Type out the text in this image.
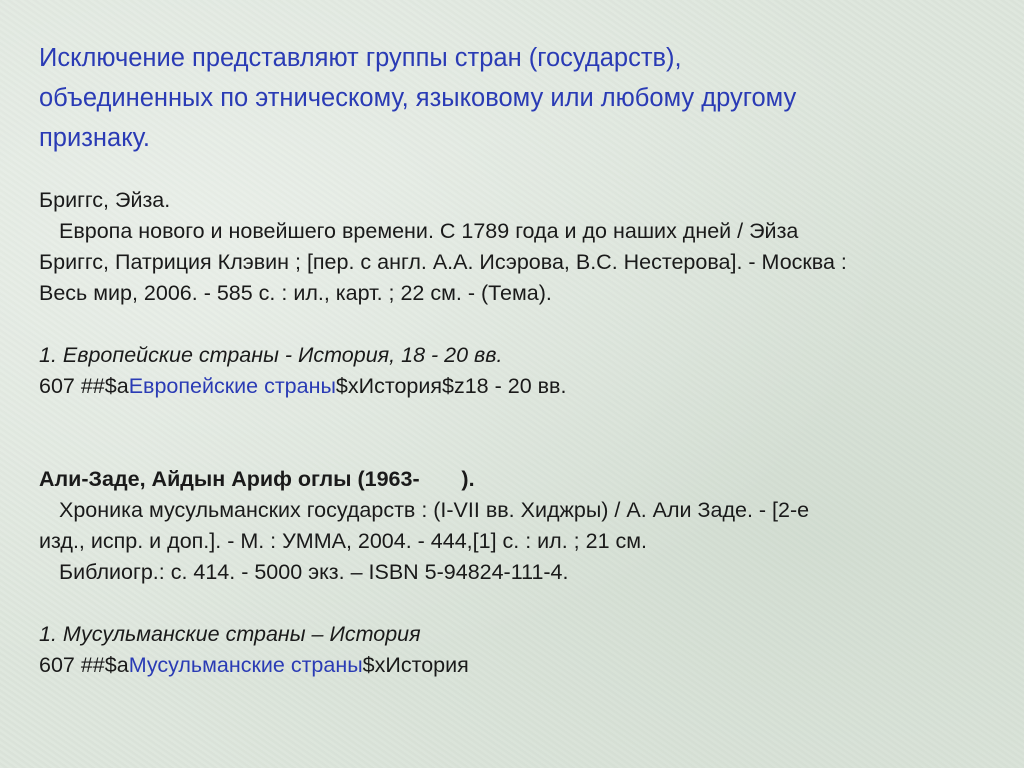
Исключение представляют группы стран (государств),
объединенных по этническому, языковому или любому другому
признаку.

Бриггс, Эйза.

Европа нового и новейшего времени. С 1789 года и до наших дней / Эйза
Бриггс, Патриция Клэвин ; [пер. с англ. А.А. Исэрова, В.С. Нестерова]. - Москва :
Весь мир, 2006. - 585 с. : ил., карт. ; 22 см. - (Тема).

1. Европейские страны - История, 18 - 20 вв.

607 ##$aЕвропейские страны$xИстория$z18 - 20 вв.

Али-Заде, Айдын Ариф оглы (1963-       ).

Хроника мусульманских государств : (I-VII вв. Хиджры) / А. Али Заде. - [2-е
изд., испр. и доп.]. - М. : УММА, 2004. - 444,[1] с. : ил. ; 21 см.
Библиогр.: с. 414. - 5000 экз. – ISBN 5-94824-111-4.

1. Мусульманские страны – История

607 ##$aМусульманские страны$xИстория
